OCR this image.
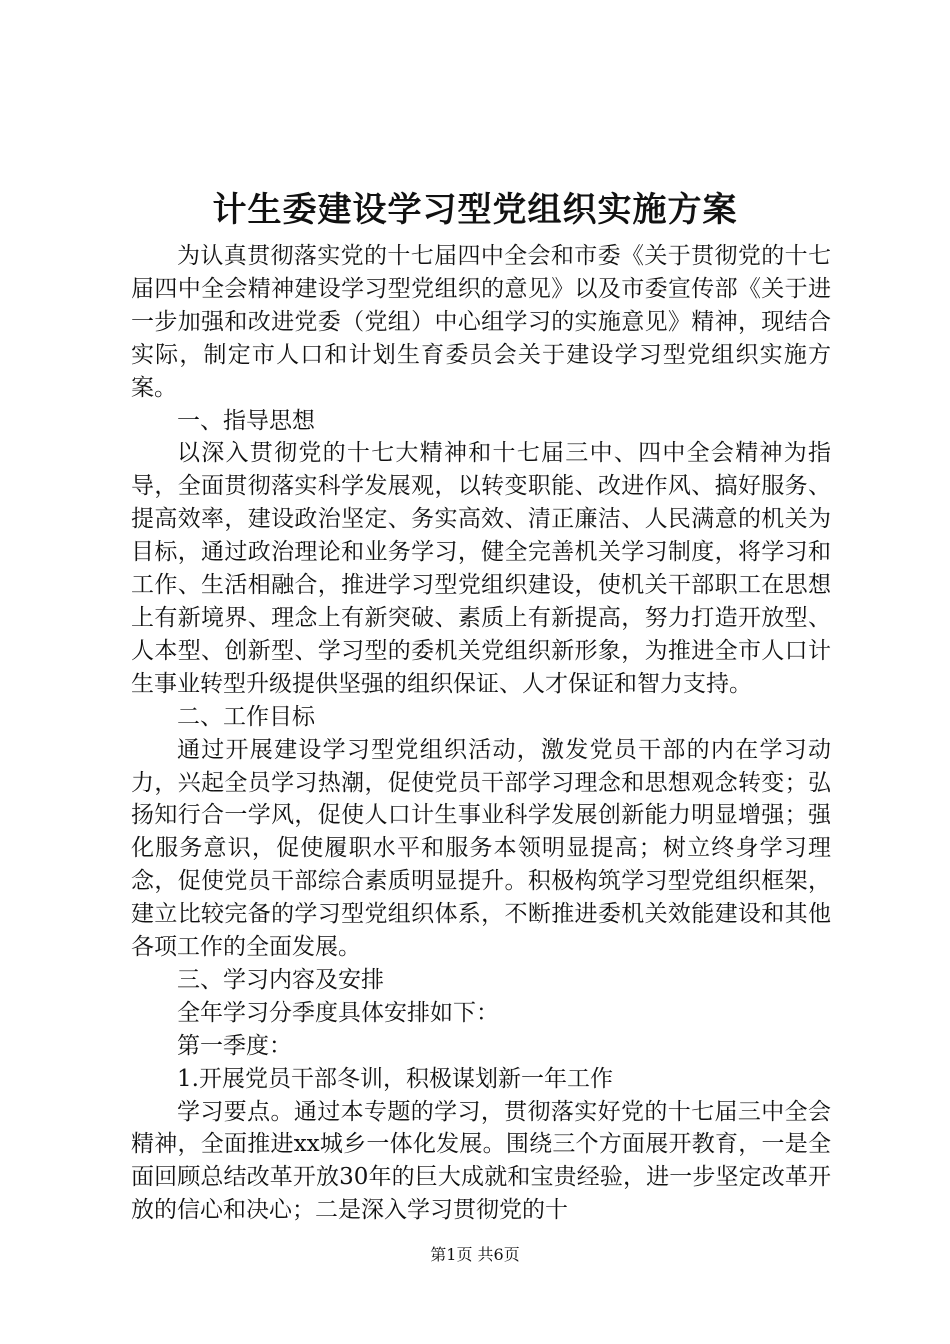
计生委建设学习型党组织实施方案

为认真贯彻落实党的十七届四中全会和市委《关于贯彻党的十七届四中全会精神建设学习型党组织的意见》以及市委宣传部《关于进一步加强和改进党委（党组）中心组学习的实施意见》精神，现结合实际，制定市人口和计划生育委员会关于建设学习型党组织实施方案。

一、指导思想

以深入贯彻党的十七大精神和十七届三中、四中全会精神为指导，全面贯彻落实科学发展观，以转变职能、改进作风、搞好服务、提高效率，建设政治坚定、务实高效、清正廉洁、人民满意的机关为目标，通过政治理论和业务学习，健全完善机关学习制度，将学习和工作、生活相融合，推进学习型党组织建设，使机关干部职工在思想上有新境界、理念上有新突破、素质上有新提高，努力打造开放型、人本型、创新型、学习型的委机关党组织新形象，为推进全市人口计生事业转型升级提供坚强的组织保证、人才保证和智力支持。

二、工作目标

通过开展建设学习型党组织活动，激发党员干部的内在学习动力，兴起全员学习热潮，促使党员干部学习理念和思想观念转变；弘扬知行合一学风，促使人口计生事业科学发展创新能力明显增强；强化服务意识，促使履职水平和服务本领明显提高；树立终身学习理念，促使党员干部综合素质明显提升。积极构筑学习型党组织框架，建立比较完备的学习型党组织体系，不断推进委机关效能建设和其他各项工作的全面发展。

三、学习内容及安排

全年学习分季度具体安排如下：

第一季度：

1.开展党员干部冬训，积极谋划新一年工作

学习要点。通过本专题的学习，贯彻落实好党的十七届三中全会精神，全面推进xx城乡一体化发展。围绕三个方面展开教育，一是全面回顾总结改革开放30年的巨大成就和宝贵经验，进一步坚定改革开放的信心和决心；二是深入学习贯彻党的十

第1页 共6页
